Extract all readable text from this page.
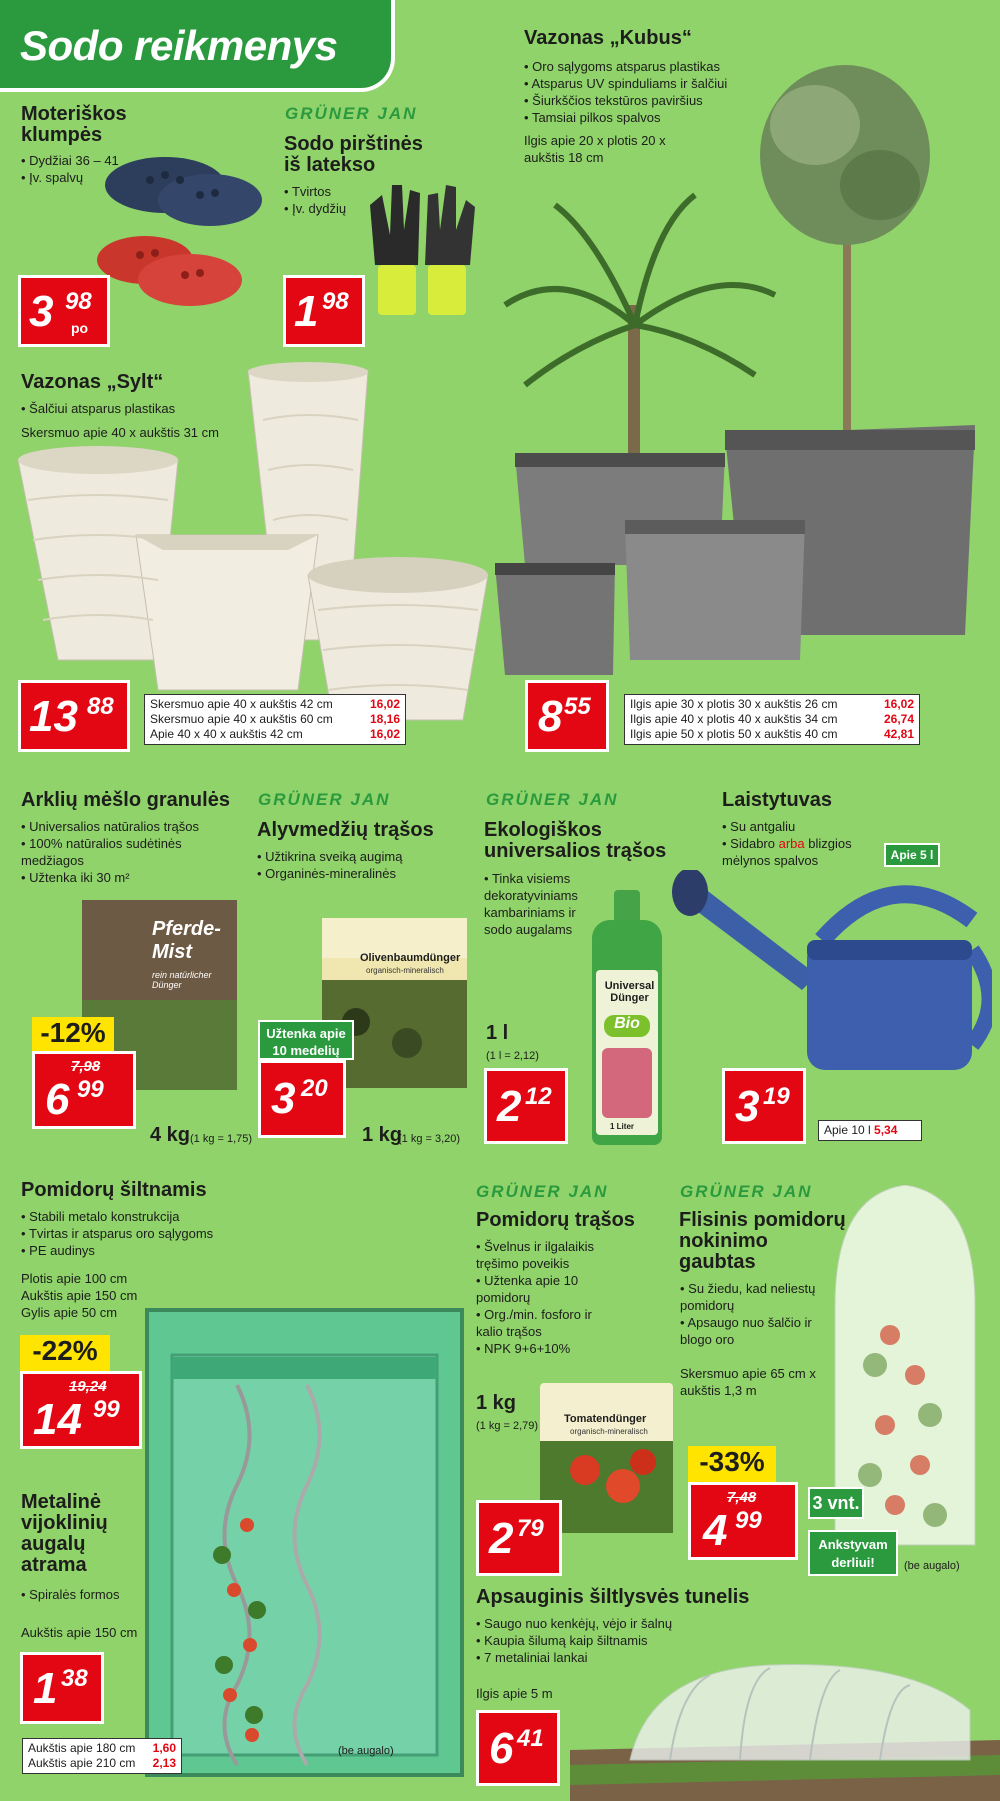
Sodo reikmenys
Moteriškos klumpės
• Dydžiai 36 – 41
• Įv. spalvų
3 98
po
GRÜNER JAN
Sodo pirštinės iš latekso
• Tvirtos
• Įv. dydžių
1 98
Vazonas „Kubus“
• Oro sąlygoms atsparus plastikas
• Atsparus UV spinduliams ir šalčiui
• Šiurkščios tekstūros paviršius
• Tamsiai pilkos spalvos
Ilgis apie 20 x plotis 20 x aukštis 18 cm
8 55	Ilgis apie 30 x plotis 30 x aukštis 26 cm	16,02
Ilgis apie 40 x plotis 40 x aukštis 34 cm	26,74
Ilgis apie 50 x plotis 50 x aukštis 40 cm	42,81
Vazonas „Sylt“
• Šalčiui atsparus plastikas
Skersmuo apie 40 x aukštis 31 cm
13 88	Skersmuo apie 40 x aukštis 42 cm	16,02
Skersmuo apie 40 x aukštis 60 cm	18,16
Apie 40 x 40 x aukštis 42 cm	16,02
Arklių mėšlo granulės
• Universalios natūralios trąšos
• 100% natūralios sudėtinės medžiagos
• Užtenka iki 30 m²
Pferde-Mist
rein natürlicher Dünger
-12%
7,98
6 99
4 kg (1 kg = 1,75)
GRÜNER JAN
Alyvmedžių trąšos
• Užtikrina sveiką augimą
• Organinės-mineralinės
Olivenbaumdünger
organisch-mineralisch
Užtenka apie 10 medelių
3 20
1 kg
(1 kg = 3,20)
GRÜNER JAN
Ekologiškos universalios trąšos
• Tinka visiems dekoratyviniams kambariniams ir sodo augalams
Universal Dünger
Bio
1 Liter
1 l
(1 l = 2,12)
2 12
Laistytuvas
• Su antgaliu
• Sidabro arba blizgios mėlynos spalvos	Apie 5 l
3 19
Apie 10 l 5,34
Pomidorų šiltnamis
• Stabili metalo konstrukcija
• Tvirtas ir atsparus oro sąlygoms
• PE audinys
Plotis apie 100 cm
Aukštis apie 150 cm
Gylis apie 50 cm
-22%
19,24
14 99
(be augalo)
Metalinė vijoklinių augalų atrama
• Spiralės formos
Aukštis apie 150 cm
1 38
Aukštis apie 180 cm 1,60
Aukštis apie 210 cm 2,13
GRÜNER JAN
Pomidorų trąšos
• Švelnus ir ilgalaikis tręšimo poveikis
• Užtenka apie 10 pomidorų
• Org./min. fosforo ir kalio trąšos
• NPK 9+6+10%
1 kg
(1 kg = 2,79)
Tomatendünger
organisch-mineralisch
2 79
GRÜNER JAN
Flisinis pomidorų nokinimo gaubtas
• Su žiedu, kad neliestų pomidorų
• Apsaugo nuo šalčio ir blogo oro
Skersmuo apie 65 cm x aukštis 1,3 m
-33%
7,48
4 99
3 vnt.
Ankstyvam derliui!	(be augalo)
Apsauginis šiltlysvės tunelis
• Saugo nuo kenkėjų, vėjo ir šalnų
• Kaupia šilumą kaip šiltnamis
• 7 metaliniai lankai
Ilgis apie 5 m
6 41
